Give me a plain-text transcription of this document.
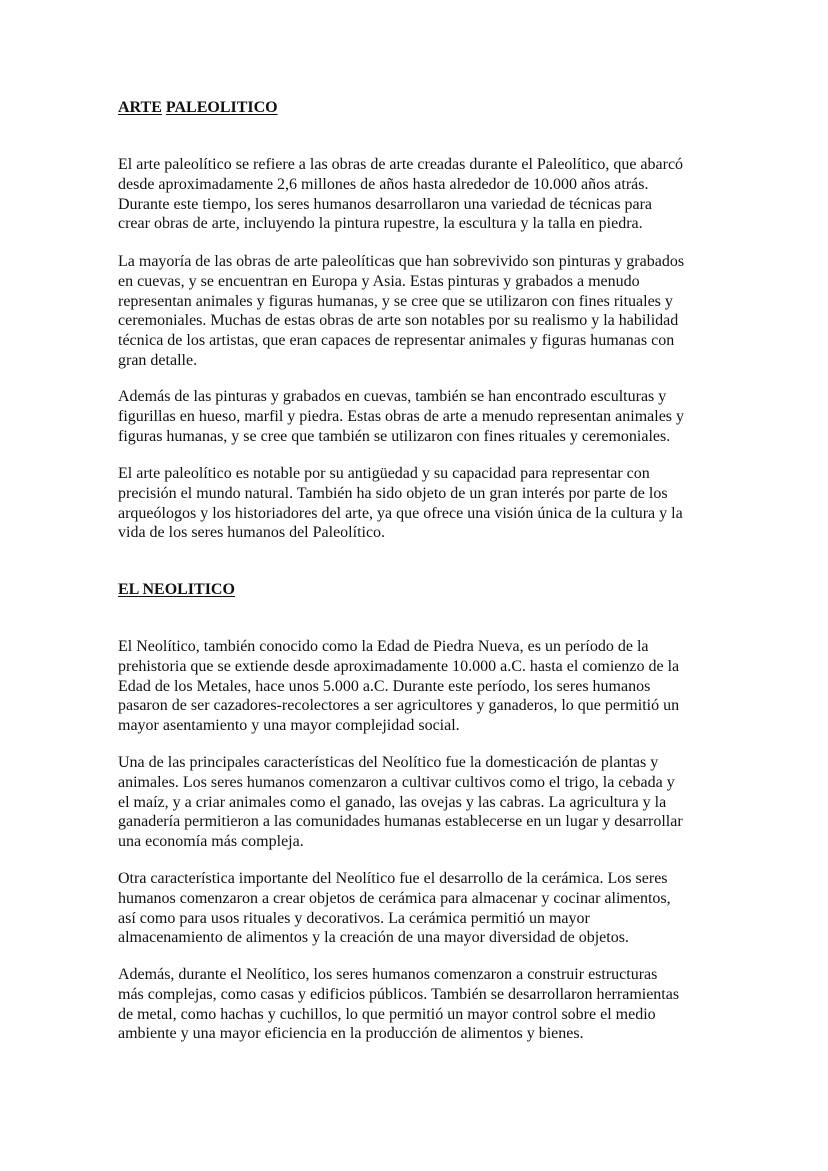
ARTE PALEOLITICO

El arte paleolítico se refiere a las obras de arte creadas durante el Paleolítico, que abarcó
desde aproximadamente 2,6 millones de años hasta alrededor de 10.000 años atrás.
Durante este tiempo, los seres humanos desarrollaron una variedad de técnicas para
crear obras de arte, incluyendo la pintura rupestre, la escultura y la talla en piedra.

La mayoría de las obras de arte paleolíticas que han sobrevivido son pinturas y grabados
en cuevas, y se encuentran en Europa y Asia. Estas pinturas y grabados a menudo
representan animales y figuras humanas, y se cree que se utilizaron con fines rituales y
ceremoniales. Muchas de estas obras de arte son notables por su realismo y la habilidad
técnica de los artistas, que eran capaces de representar animales y figuras humanas con
gran detalle.

Además de las pinturas y grabados en cuevas, también se han encontrado esculturas y
figurillas en hueso, marfil y piedra. Estas obras de arte a menudo representan animales y
figuras humanas, y se cree que también se utilizaron con fines rituales y ceremoniales.

El arte paleolítico es notable por su antigüedad y su capacidad para representar con
precisión el mundo natural. También ha sido objeto de un gran interés por parte de los
arqueólogos y los historiadores del arte, ya que ofrece una visión única de la cultura y la
vida de los seres humanos del Paleolítico.

EL NEOLITICO

El Neolítico, también conocido como la Edad de Piedra Nueva, es un período de la
prehistoria que se extiende desde aproximadamente 10.000 a.C. hasta el comienzo de la
Edad de los Metales, hace unos 5.000 a.C. Durante este período, los seres humanos
pasaron de ser cazadores-recolectores a ser agricultores y ganaderos, lo que permitió un
mayor asentamiento y una mayor complejidad social.

Una de las principales características del Neolítico fue la domesticación de plantas y
animales. Los seres humanos comenzaron a cultivar cultivos como el trigo, la cebada y
el maíz, y a criar animales como el ganado, las ovejas y las cabras. La agricultura y la
ganadería permitieron a las comunidades humanas establecerse en un lugar y desarrollar
una economía más compleja.

Otra característica importante del Neolítico fue el desarrollo de la cerámica. Los seres
humanos comenzaron a crear objetos de cerámica para almacenar y cocinar alimentos,
así como para usos rituales y decorativos. La cerámica permitió un mayor
almacenamiento de alimentos y la creación de una mayor diversidad de objetos.

Además, durante el Neolítico, los seres humanos comenzaron a construir estructuras
más complejas, como casas y edificios públicos. También se desarrollaron herramientas
de metal, como hachas y cuchillos, lo que permitió un mayor control sobre el medio
ambiente y una mayor eficiencia en la producción de alimentos y bienes.
